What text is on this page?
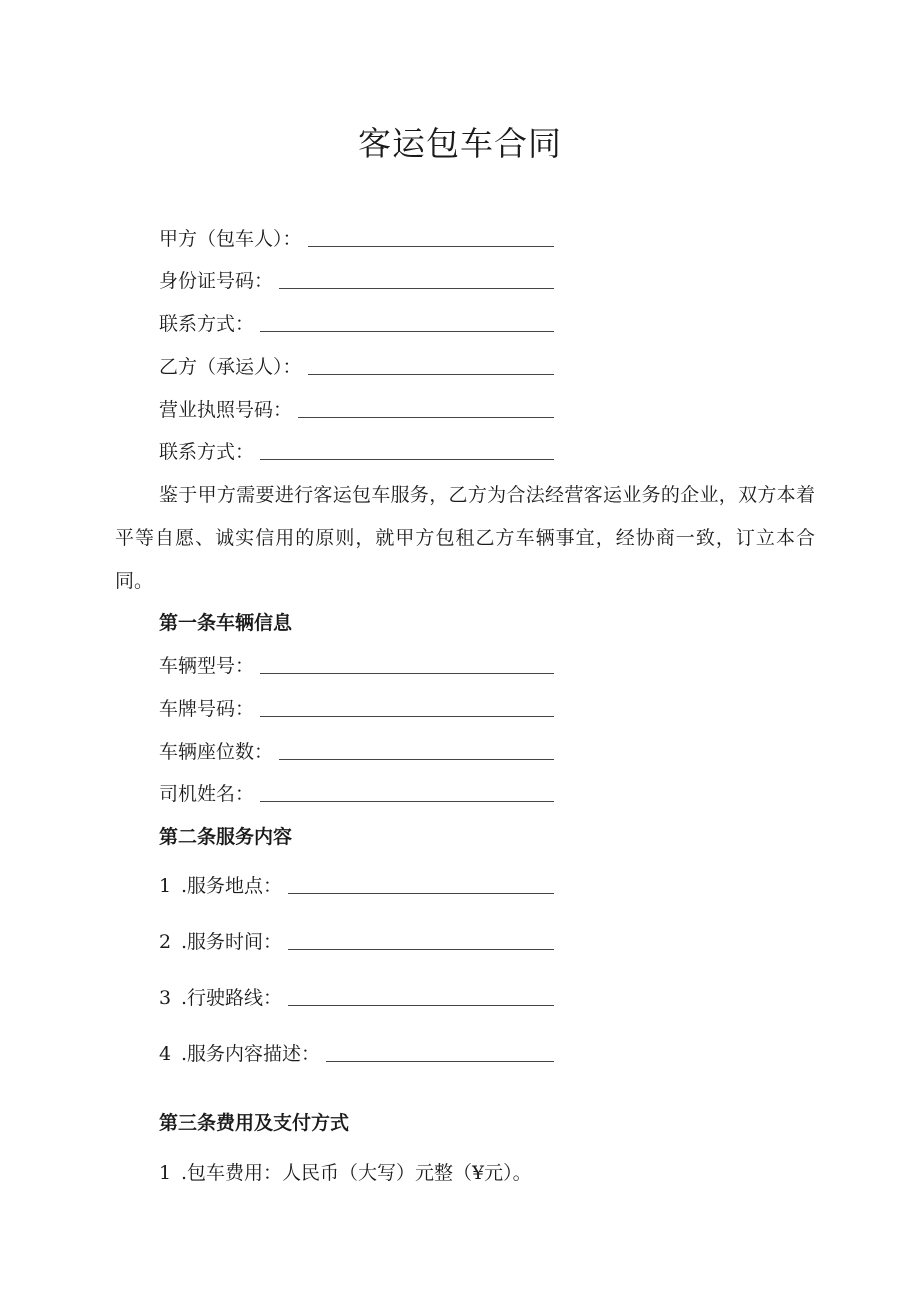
客运包车合同
甲方（包车人）：
身份证号码：
联系方式：
乙方（承运人）：
营业执照号码：
联系方式：
鉴于甲方需要进行客运包车服务，乙方为合法经营客运业务的企业，双方本着平等自愿、诚实信用的原则，就甲方包租乙方车辆事宜，经协商一致，订立本合同。
第一条车辆信息
车辆型号：
车牌号码：
车辆座位数：
司机姓名：
第二条服务内容
1 .服务地点：
2 .服务时间：
3 .行驶路线：
4 .服务内容描述：
第三条费用及支付方式
1 .包车费用：人民币（大写）元整（¥元）。
